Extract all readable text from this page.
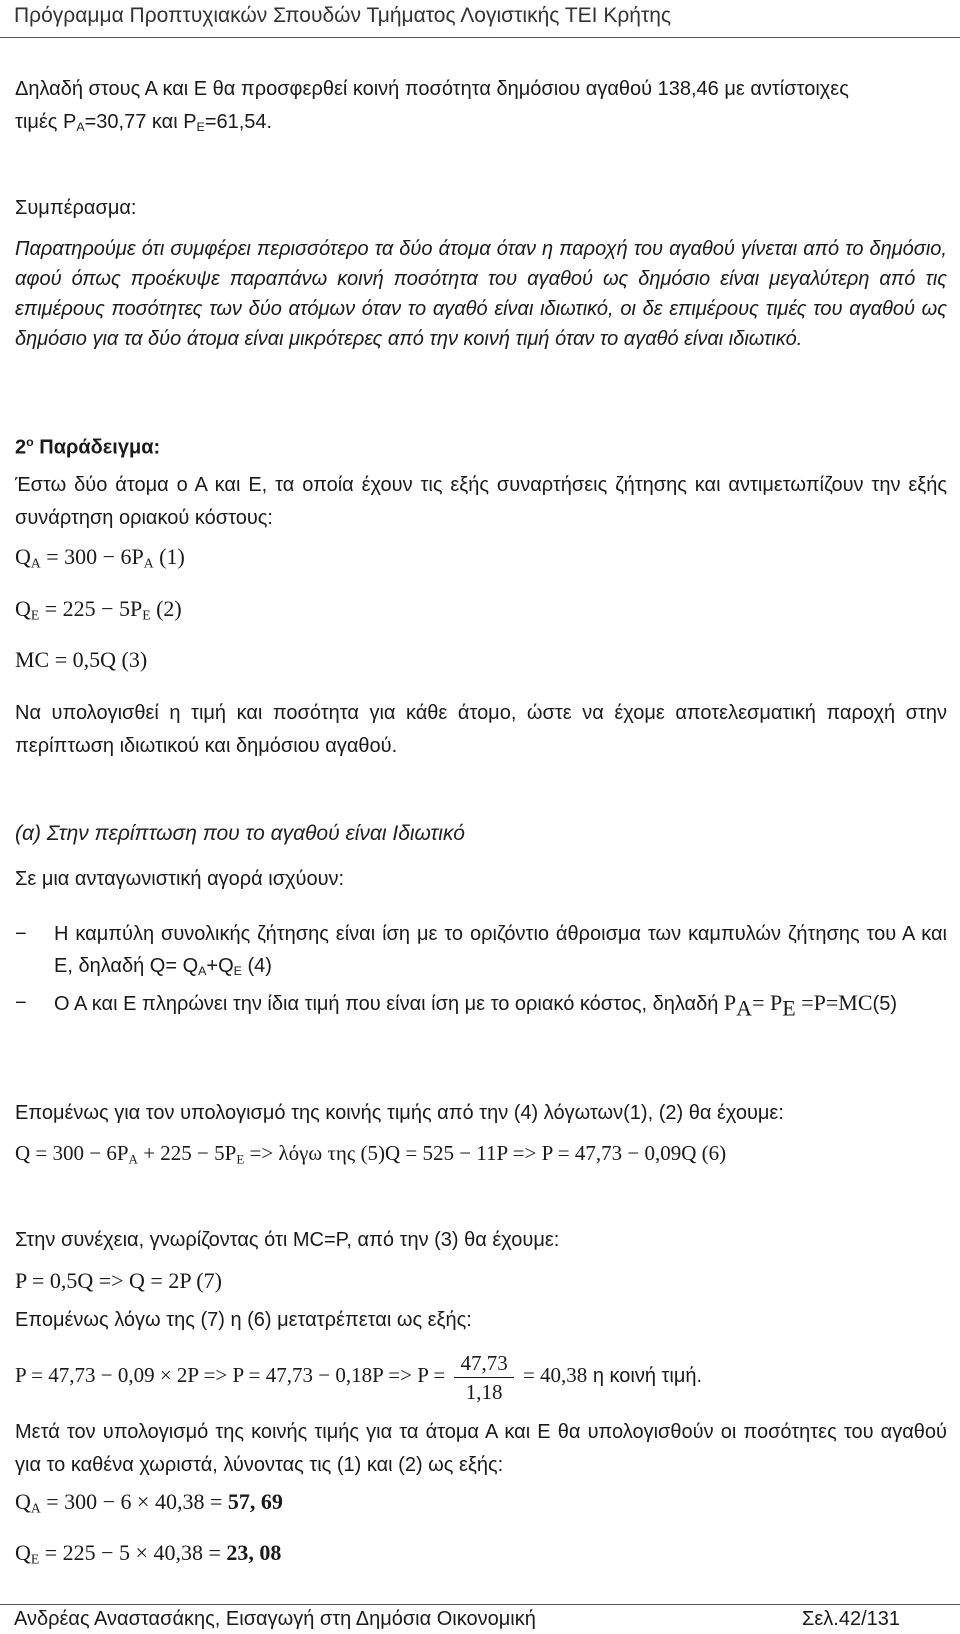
Πρόγραμμα Προπτυχιακών Σπουδών Τμήματος Λογιστικής ΤΕΙ Κρήτης

Δηλαδή στους Α και Ε θα προσφερθεί κοινή ποσότητα δημόσιου αγαθού 138,46 με αντίστοιχες
τιμές $P_A=30,77$ και $P_E=61,54$.

Συμπέρασμα:

Παρατηρούμε ότι συμφέρει περισσότερο τα δύο άτομα όταν η παροχή του αγαθού γίνεται από το δημόσιο, αφού όπως προέκυψε παραπάνω κοινή ποσότητα του αγαθού ως δημόσιο είναι μεγαλύτερη από τις επιμέρους ποσότητες των δύο ατόμων όταν το αγαθό είναι ιδιωτικό, οι δε επιμέρους τιμές του αγαθού ως δημόσιο για τα δύο άτομα είναι μικρότερες από την κοινή τιμή όταν το αγαθό είναι ιδιωτικό.

$2^o$ Παράδειγμα:

Έστω δύο άτομα ο Α και Ε, τα οποία έχουν τις εξής συναρτήσεις ζήτησης και αντιμετωπίζουν την εξής συνάρτηση οριακού κόστους:

$Q_A = 300 - 6P_A$ (1)

$Q_E = 225 - 5P_E$ (2)

MC = 0,5Q (3)

Να υπολογισθεί η τιμή και ποσότητα για κάθε άτομο, ώστε να έχομε αποτελεσματική παροχή στην περίπτωση ιδιωτικού και δημόσιου αγαθού.

(α) Στην περίπτωση που το αγαθού είναι Ιδιωτικό

Σε μια ανταγωνιστική αγορά ισχύουν:

− Η καμπύλη συνολικής ζήτησης είναι ίση με το οριζόντιο άθροισμα των καμπυλών ζήτησης του Α και Ε, δηλαδή $Q= Q_A+Q_E$ (4)
− Ο Α και Ε πληρώνει την ίδια τιμή που είναι ίση με το οριακό κόστος, δηλαδή $P_A= P_E =P=MC(5)$

Επομένως για τον υπολογισμό της κοινής τιμής από την (4) λόγωτων(1), (2) θα έχουμε:

$Q = 300 - 6P_A + 225 - 5P_E => \lambda ό\gamma\omega$ της (5)Q = 525 − 11P => P = 47,73 − 0,09Q (6)

Στην συνέχεια, γνωρίζοντας ότι MC=P, από την (3) θα έχουμε:

P = 0,5Q => Q = 2P (7)

Επομένως λόγω της (7) η (6) μετατρέπεται ως εξής:

$P = 47,73 - 0,09 \times 2P => P = 47,73 - 0,18P => P = \frac{47,73}{1,18} = 40,38$ η κοινή τιμή.

Μετά τον υπολογισμό της κοινής τιμής για τα άτομα Α και Ε θα υπολογισθούν οι ποσότητες του αγαθού για το καθένα χωριστά, λύνοντας τις (1) και (2) ως εξής:

$Q_A = 300 - 6 \times 40,38 = 57$, 69

$Q_E = 225 - 5 \times 40,38 = 23$, 08

Ανδρέας Αναστασάκης, Εισαγωγή στη Δημόσια Οικονομική	Σελ.42/131
